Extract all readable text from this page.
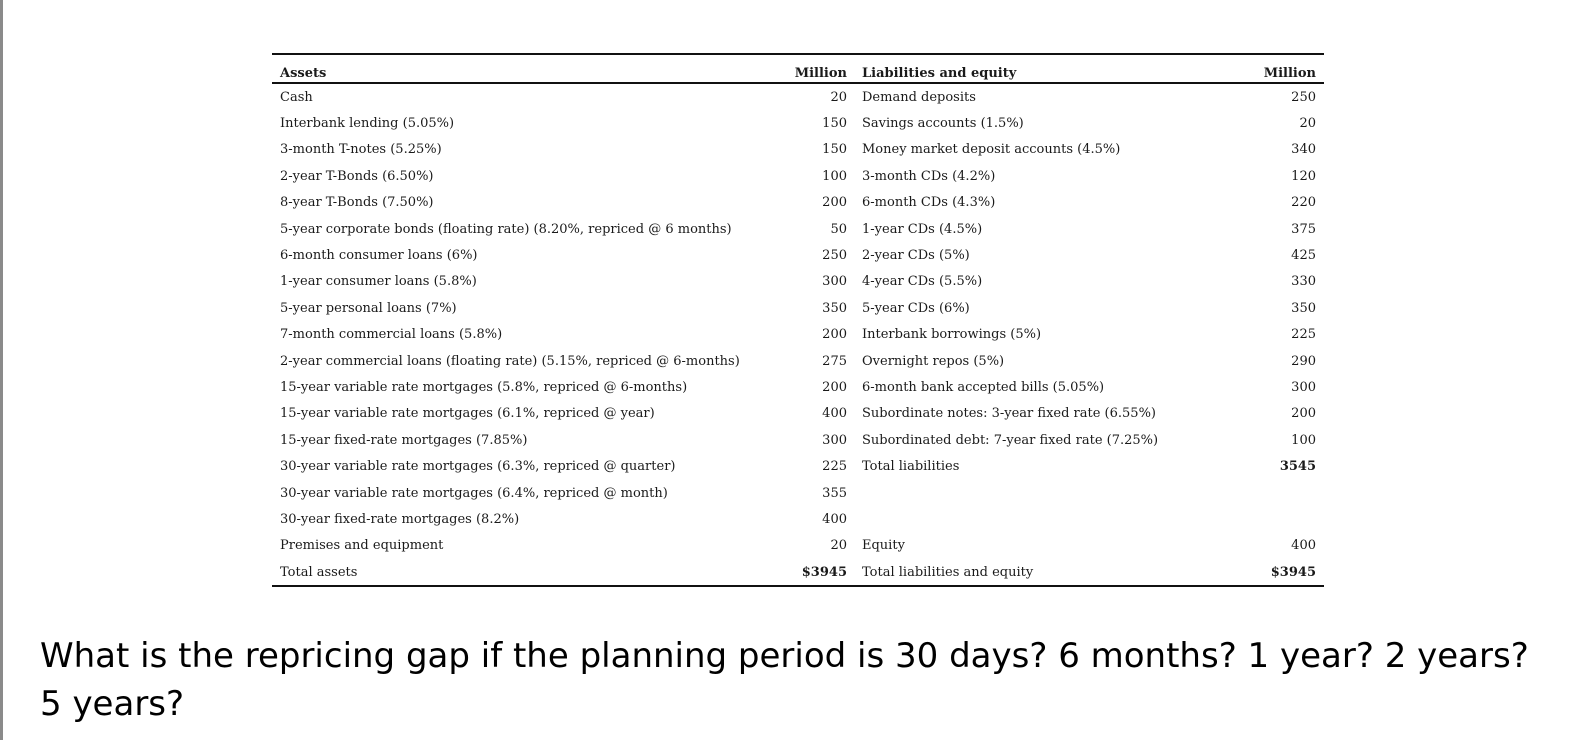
Assets	Million	Liabilities and equity	Million
Cash	20	Demand deposits	250
Interbank lending (5.05%)	150	Savings accounts (1.5%)	20
3-month T-notes (5.25%)	150	Money market deposit accounts (4.5%)	340
2-year T-Bonds (6.50%)	100	3-month CDs (4.2%)	120
8-year T-Bonds (7.50%)	200	6-month CDs (4.3%)	220
5-year corporate bonds (floating rate) (8.20%, repriced @ 6 months)	50	1-year CDs (4.5%)	375
6-month consumer loans (6%)	250	2-year CDs (5%)	425
1-year consumer loans (5.8%)	300	4-year CDs (5.5%)	330
5-year personal loans (7%)	350	5-year CDs (6%)	350
7-month commercial loans (5.8%)	200	Interbank borrowings (5%)	225
2-year commercial loans (floating rate) (5.15%, repriced @ 6-months)	275	Overnight repos (5%)	290
15-year variable rate mortgages (5.8%, repriced @ 6-months)	200	6-month bank accepted bills (5.05%)	300
15-year variable rate mortgages (6.1%, repriced @ year)	400	Subordinate notes: 3-year fixed rate (6.55%)	200
15-year fixed-rate mortgages (7.85%)	300	Subordinated debt: 7-year fixed rate (7.25%)	100
30-year variable rate mortgages (6.3%, repriced @ quarter)	225	Total liabilities	3545
30-year variable rate mortgages (6.4%, repriced @ month)	355		
30-year fixed-rate mortgages (8.2%)	400		
Premises and equipment	20	Equity	400
Total assets	$3945	Total liabilities and equity	$3945
What is the repricing gap if the planning period is 30 days? 6 months? 1 year? 2 years? 5 years?
